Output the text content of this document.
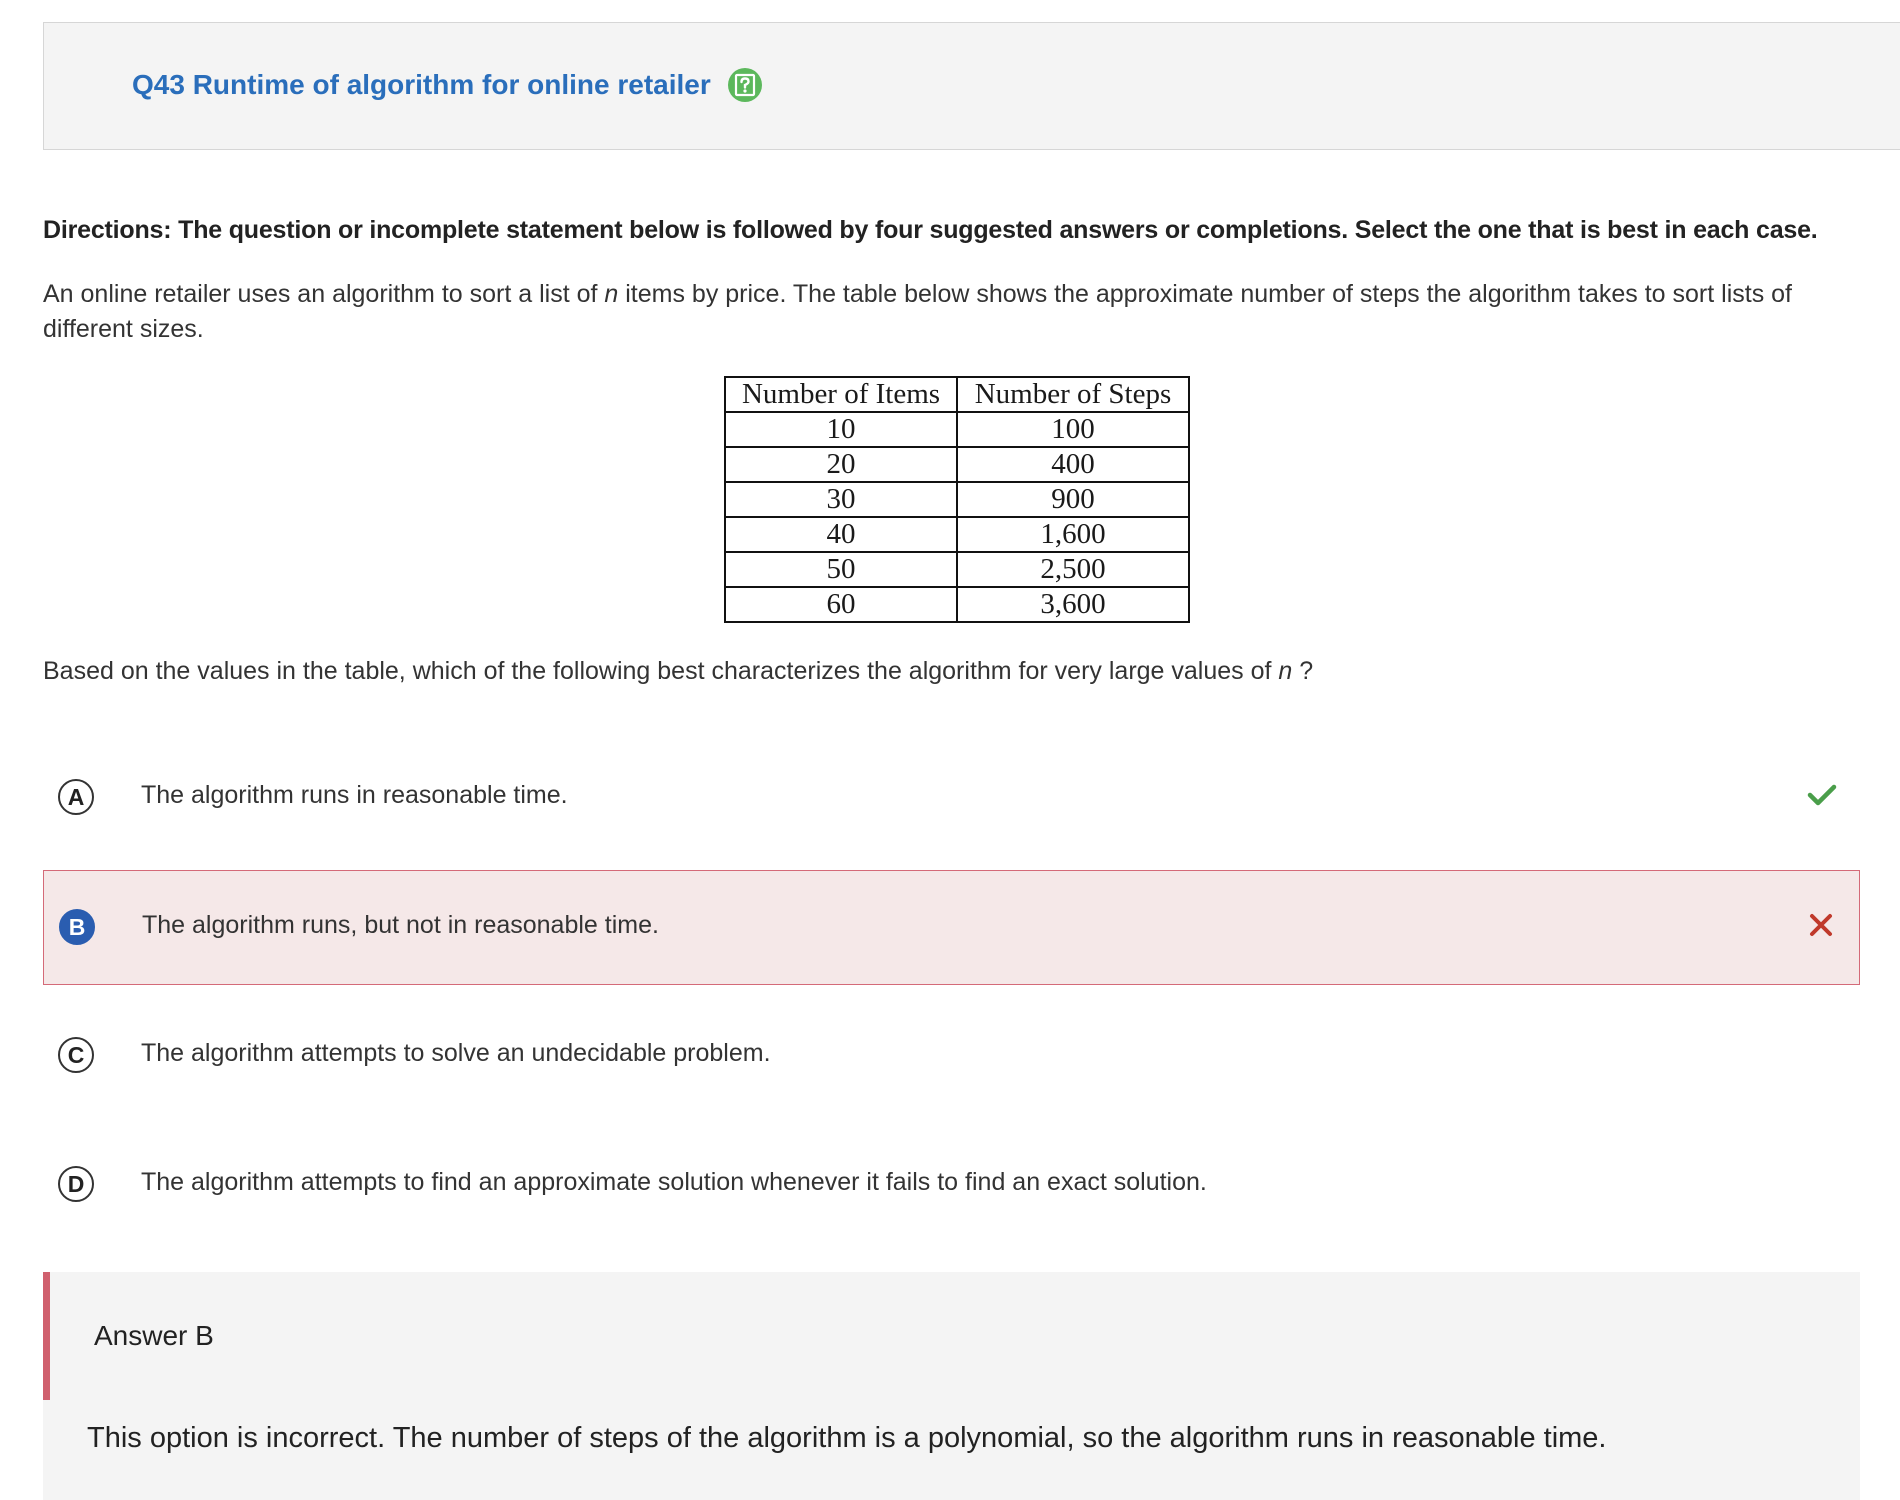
Q43 Runtime of algorithm for online retailer
Directions: The question or incomplete statement below is followed by four suggested answers or completions. Select the one that is best in each case.
An online retailer uses an algorithm to sort a list of n items by price. The table below shows the approximate number of steps the algorithm takes to sort lists of different sizes.
Number of Items	Number of Steps
10	100
20	400
30	900
40	1,600
50	2,500
60	3,600
Based on the values in the table, which of the following best characterizes the algorithm for very large values of n ?
A	The algorithm runs in reasonable time.
B	The algorithm runs, but not in reasonable time.
C	The algorithm attempts to solve an undecidable problem.
D	The algorithm attempts to find an approximate solution whenever it fails to find an exact solution.
Answer B
This option is incorrect. The number of steps of the algorithm is a polynomial, so the algorithm runs in reasonable time.
